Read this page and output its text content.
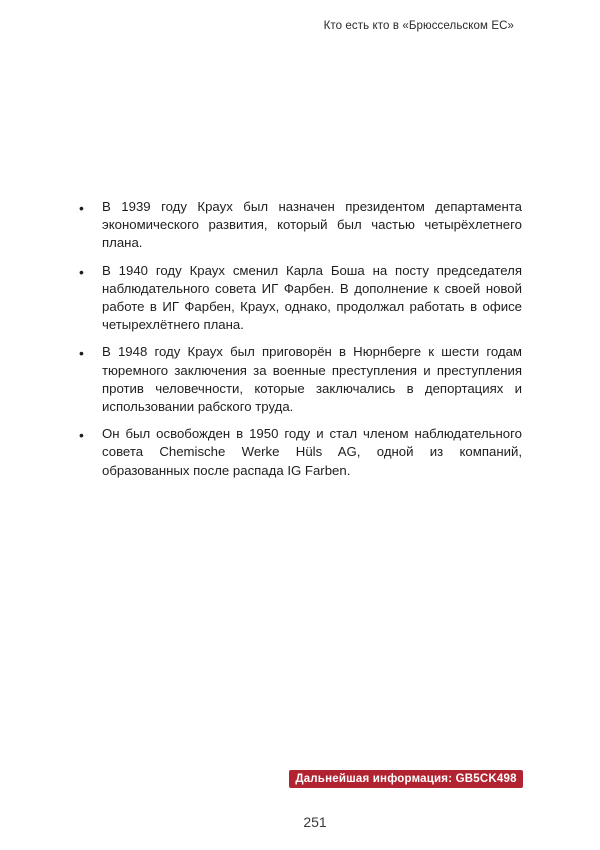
Кто есть кто в «Брюссельском ЕС»
• В 1939 году Краух был назначен президентом департамента экономического развития, который был частью четырёхлетнего плана.
• В 1940 году Краух сменил Карла Боша на посту председателя наблюдательного совета ИГ Фарбен. В дополнение к своей новой работе в ИГ Фарбен, Краух, однако, продолжал работать в офисе четырехлётнего плана.
• В 1948 году Краух был приговорён в Нюрнберге к шести годам тюремного заключения за военные преступления и преступления против человечности, которые заключались в депортациях и использовании рабского труда.
• Он был освобожден в 1950 году и стал членом наблюдательного совета Chemische Werke Hüls AG, одной из компаний, образованных после распада IG Farben.
Дальнейшая информация: GB5CK498
251
